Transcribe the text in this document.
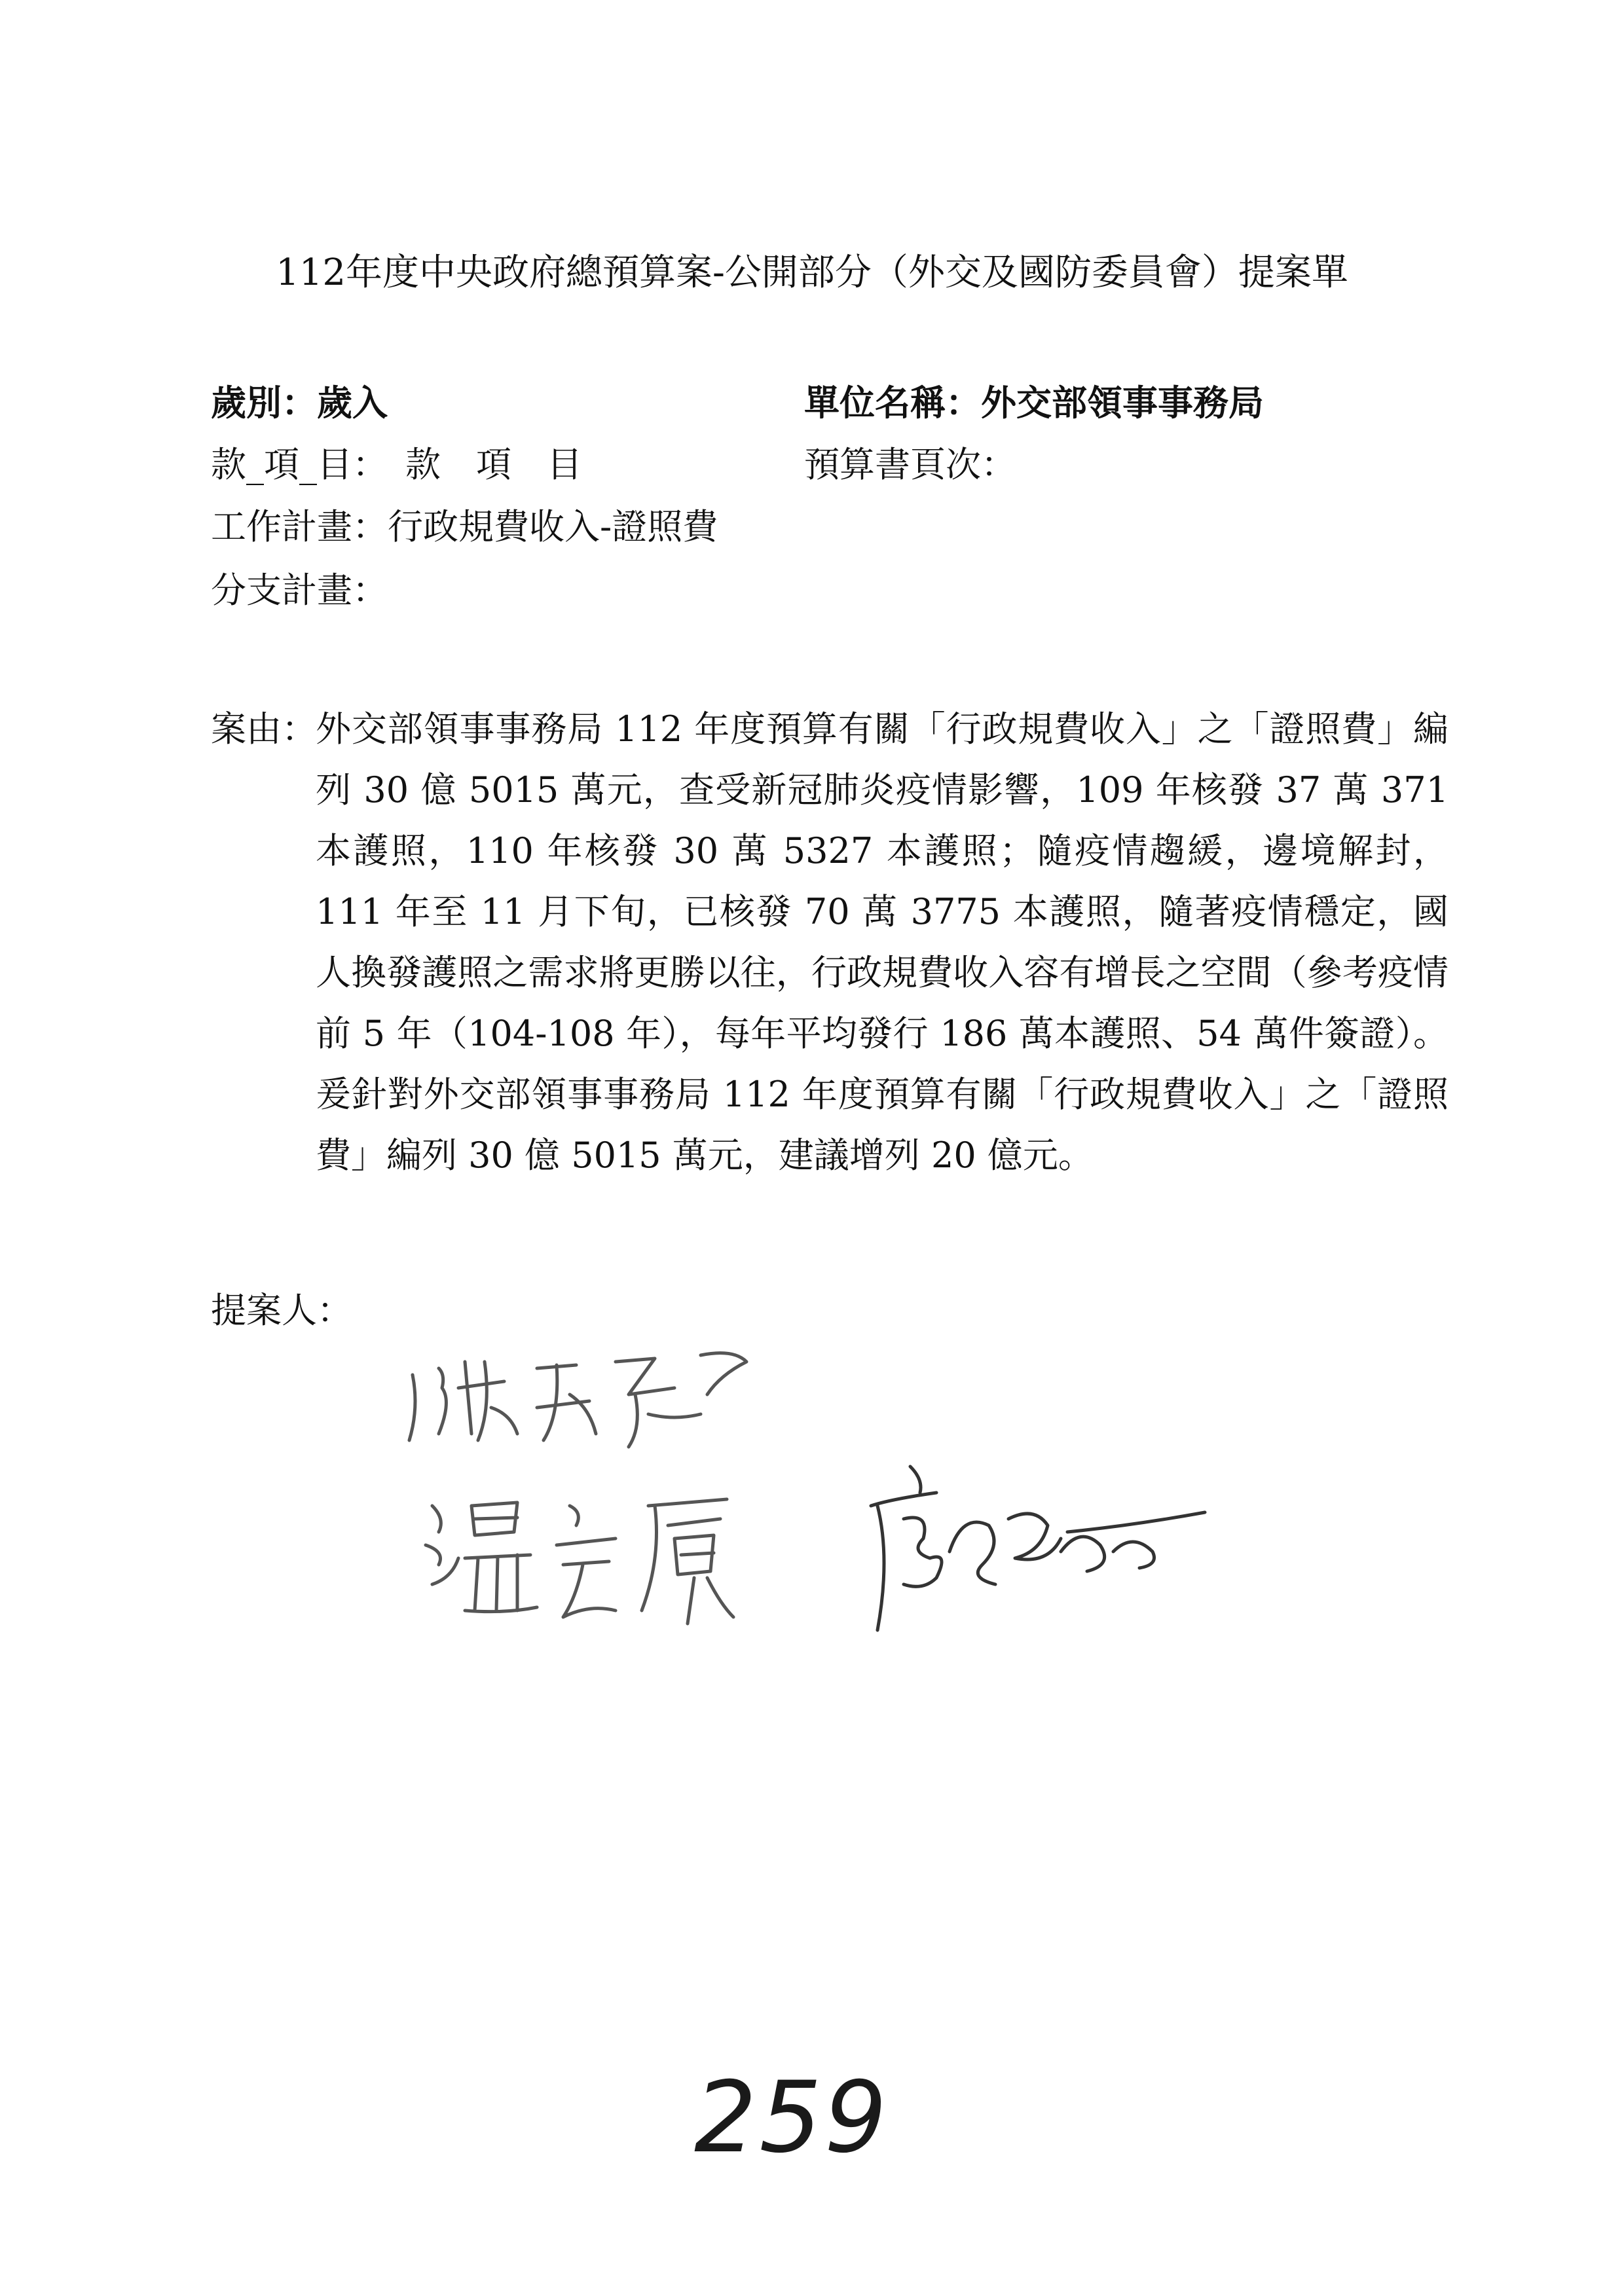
112年度中央政府總預算案-公開部分（外交及國防委員會）提案單
歲別：歲入	單位名稱：外交部領事事務局
款_項_目：　款　項　目	預算書頁次：
工作計畫：行政規費收入-證照費
分支計畫：
案由：
外交部領事事務局 112 年度預算有關「行政規費收入」之「證照費」編列 30 億 5015 萬元，查受新冠肺炎疫情影響，109 年核發 37 萬 371 本護照，110 年核發 30 萬 5327 本護照；隨疫情趨緩，邊境解封，111 年至 11 月下旬，已核發 70 萬 3775 本護照，隨著疫情穩定，國人換發護照之需求將更勝以往，行政規費收入容有增長之空間（參考疫情前 5 年（104-108 年），每年平均發行 186 萬本護照、54 萬件簽證）。爰針對外交部領事事務局 112 年度預算有關「行政規費收入」之「證照費」編列 30 億 5015 萬元，建議增列 20 億元。
提案人：
259
